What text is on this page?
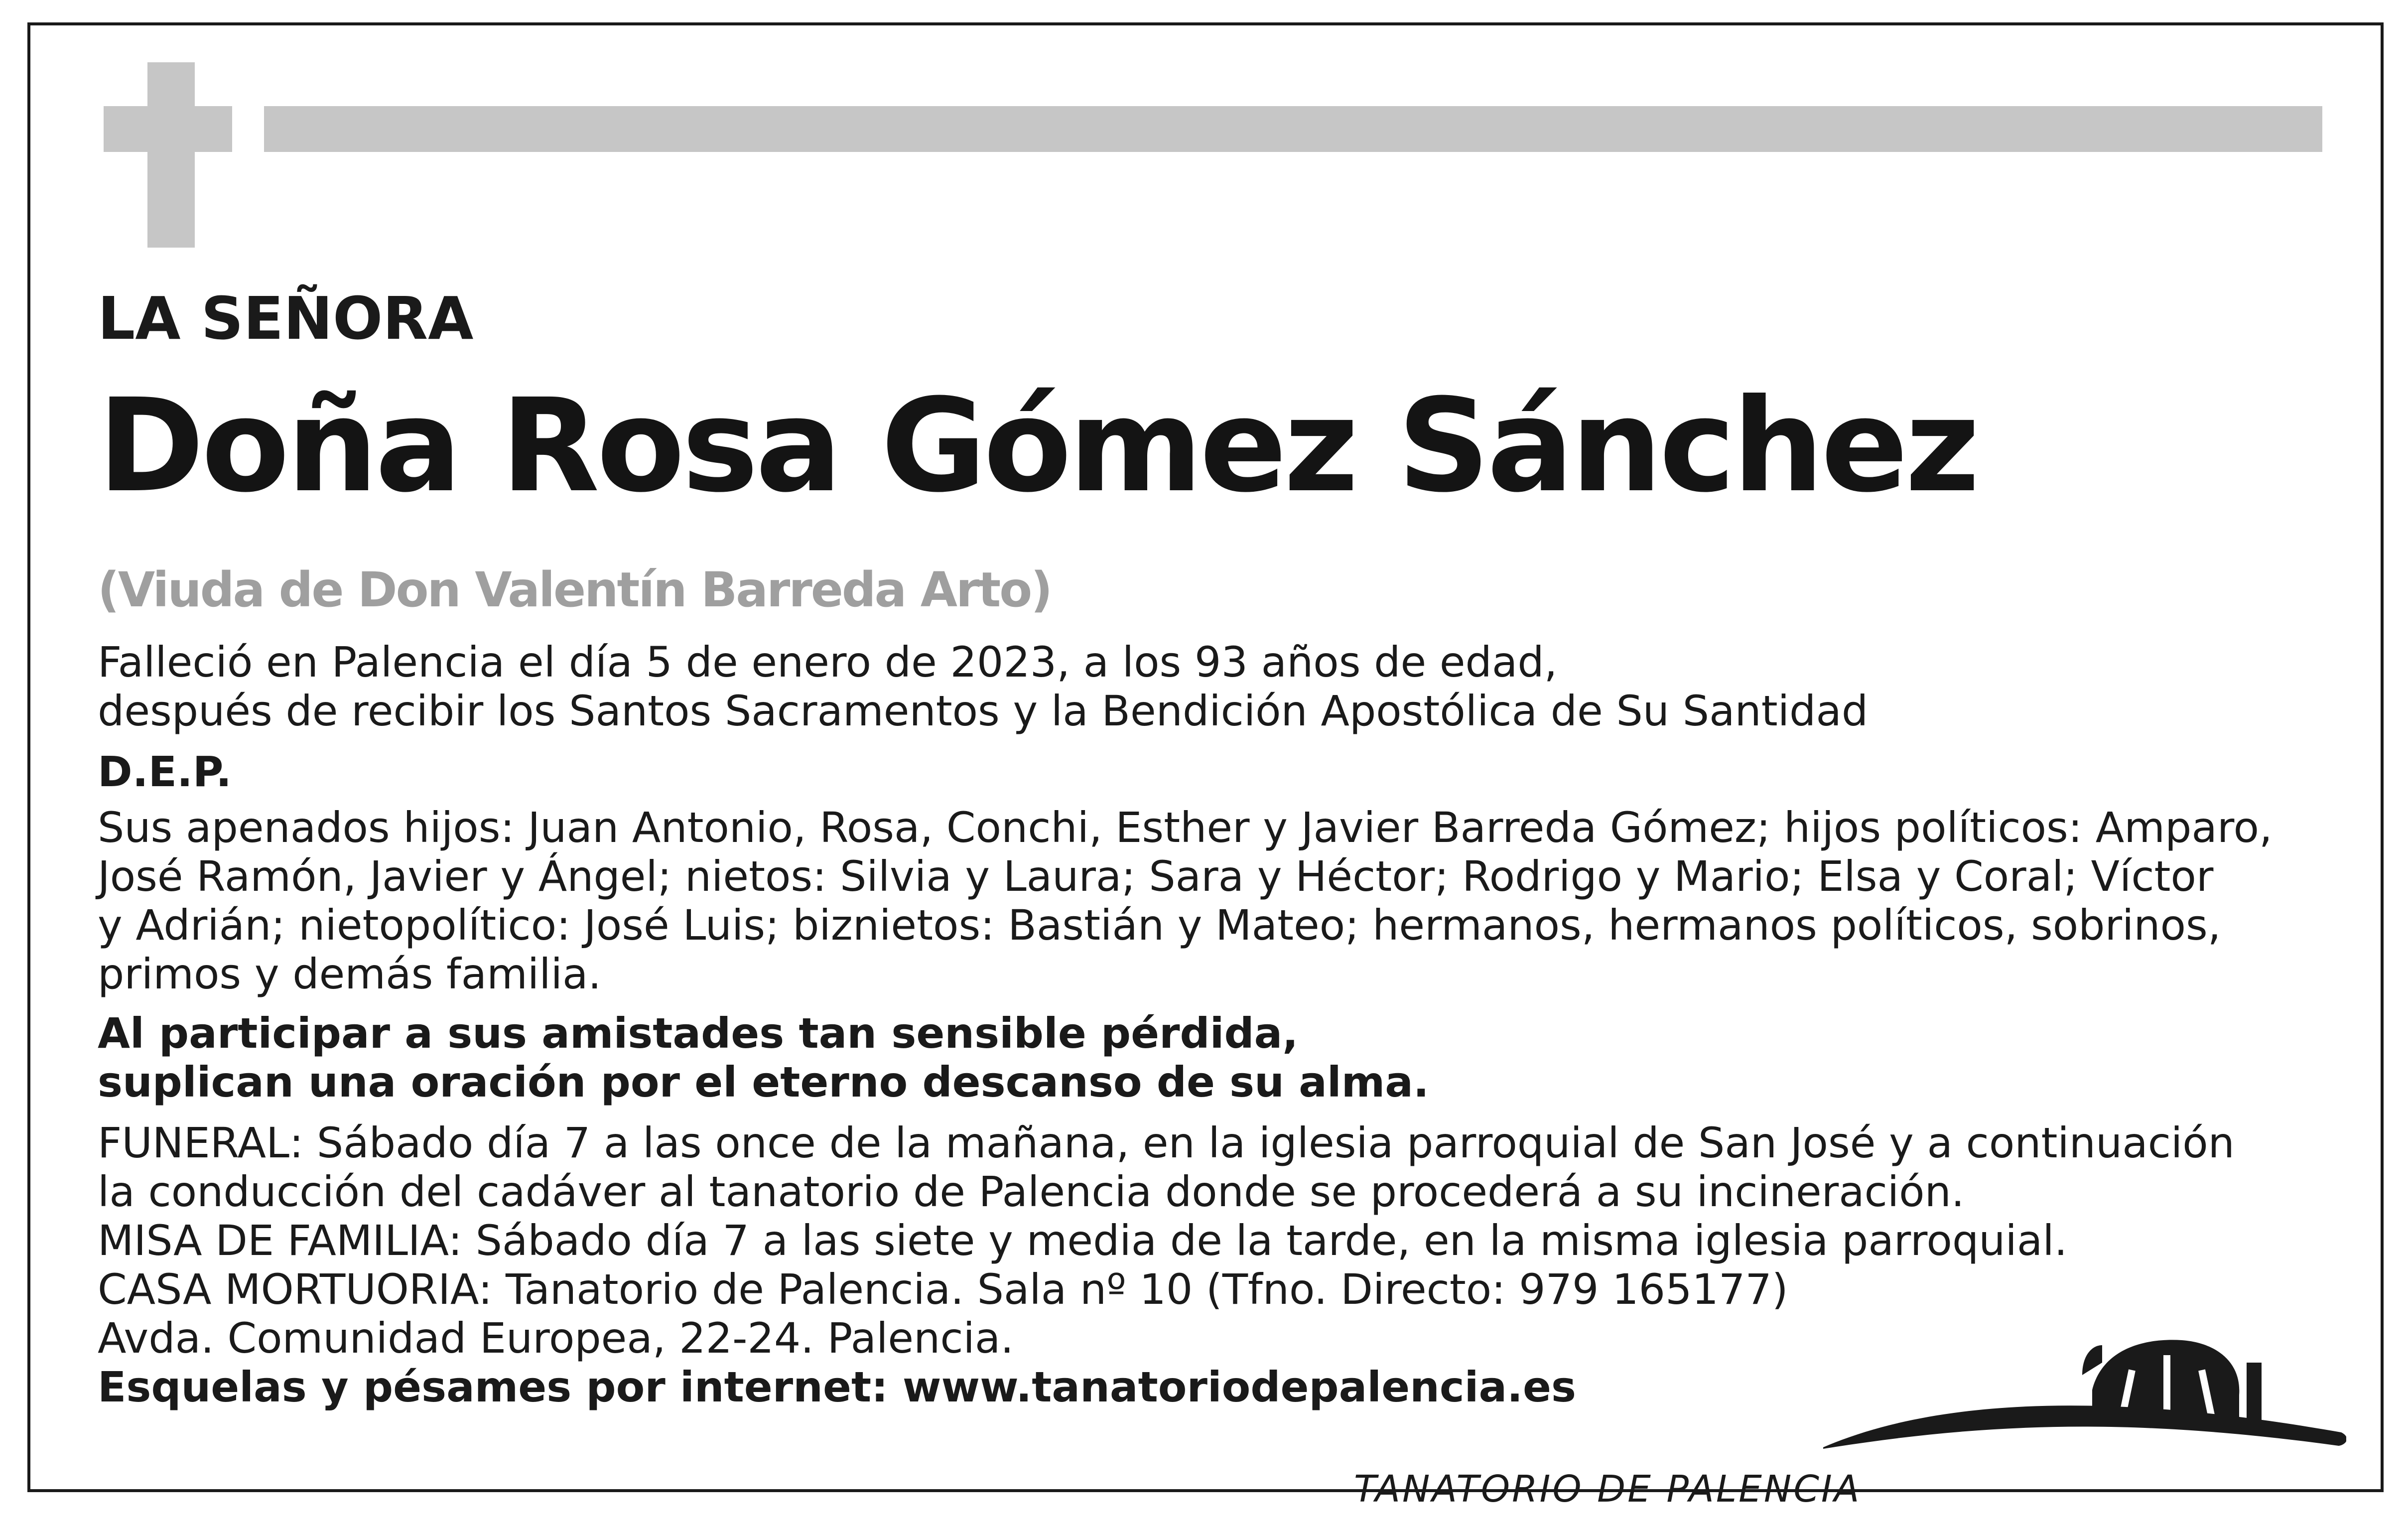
LA SEÑORA

Doña Rosa Gómez Sánchez

(Viuda de Don Valentín Barreda Arto)

Falleció en Palencia el día 5 de enero de 2023, a los 93 años de edad,

después de recibir los Santos Sacramentos y la Bendición Apostólica de Su Santidad

D.E.P.

Sus apenados hijos: Juan Antonio, Rosa, Conchi, Esther y Javier Barreda Gómez; hijos políticos: Amparo,

José Ramón, Javier y Ángel; nietos: Silvia y Laura; Sara y Héctor; Rodrigo y Mario; Elsa y Coral; Víctor

y Adrián; nietopolítico: José Luis; biznietos: Bastián y Mateo; hermanos, hermanos políticos, sobrinos,

primos y demás familia.

Al participar a sus amistades tan sensible pérdida,

suplican una oración por el eterno descanso de su alma.

FUNERAL: Sábado día 7 a las once de la mañana, en la iglesia parroquial de San José y a continuación

la conducción del cadáver al tanatorio de Palencia donde se procederá a su incineración.

MISA DE FAMILIA: Sábado día 7 a las siete y media de la tarde, en la misma iglesia parroquial.

CASA MORTUORIA: Tanatorio de Palencia. Sala nº 10 (Tfno. Directo: 979 165177)

Avda. Comunidad Europea, 22-24. Palencia.

Esquelas y pésames por internet: www.tanatoriodepalencia.es

TANATORIO DE PALENCIA
